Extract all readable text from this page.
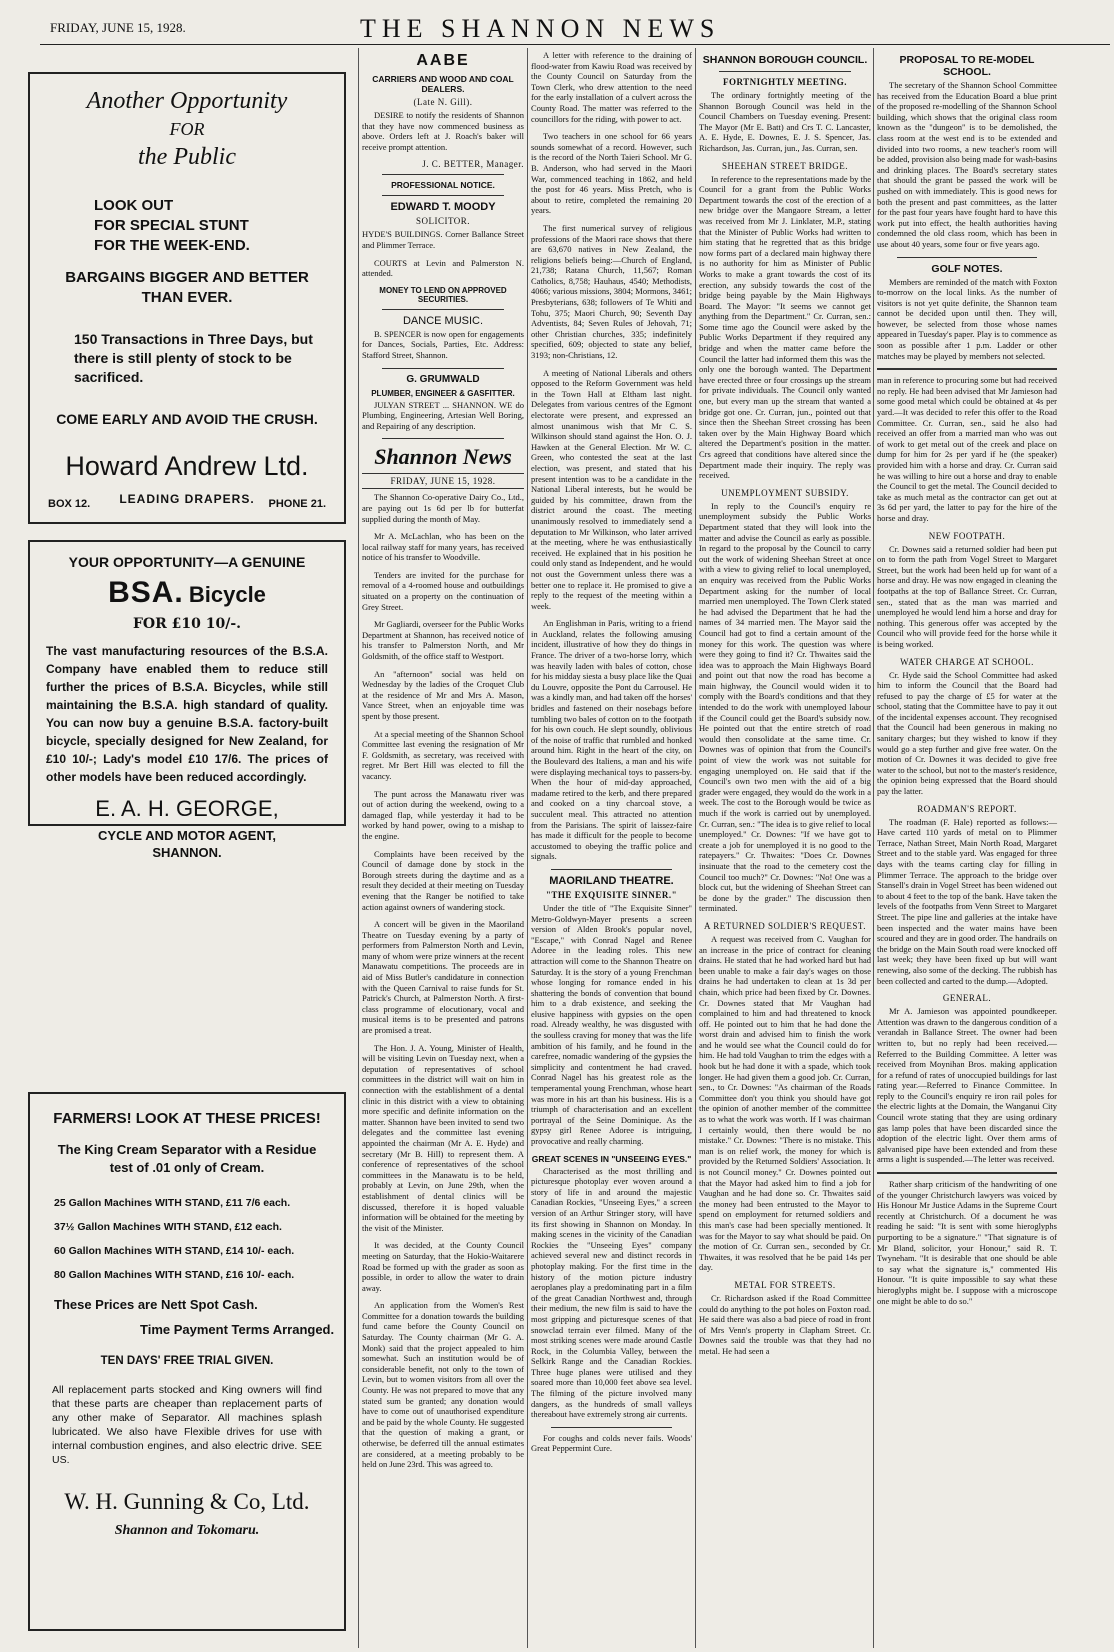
FRIDAY, JUNE 15, 1928.	THE SHANNON NEWS
Another Opportunity
FOR
the Public
LOOK OUT
FOR SPECIAL STUNT
FOR THE WEEK-END.
BARGAINS BIGGER AND BETTER THAN EVER.
150 Transactions in Three Days, but there is still plenty of stock to be sacrificed.
COME EARLY AND AVOID THE CRUSH.
Howard Andrew Ltd.
LEADING DRAPERS.
BOX 12.	PHONE 21.
YOUR OPPORTUNITY—A GENUINE
BSA. Bicycle
FOR £10 10/-.
The vast manufacturing resources of the B.S.A. Company have enabled them to reduce still further the prices of B.S.A. Bicycles, while still maintaining the B.S.A. high standard of quality. You can now buy a genuine B.S.A. factory-built bicycle, specially designed for New Zealand, for £10 10/-; Lady's model £10 17/6. The prices of other models have been reduced accordingly.
E. A. H. GEORGE,
CYCLE AND MOTOR AGENT,
SHANNON.
FARMERS! LOOK AT THESE PRICES!
The King Cream Separator with a Residue test of .01 only of Cream.
25 Gallon Machines WITH STAND, £11 7/6 each.
37½ Gallon Machines WITH STAND, £12 each.
60 Gallon Machines WITH STAND, £14 10/- each.
80 Gallon Machines WITH STAND, £16 10/- each.
These Prices are Nett Spot Cash.
Time Payment Terms Arranged.
TEN DAYS' FREE TRIAL GIVEN.
All replacement parts stocked and King owners will find that these parts are cheaper than replacement parts of any other make of Separator. All machines splash lubricated. We also have Flexible drives for use with internal combustion engines, and also electric drive. SEE US.
W. H. Gunning & Co, Ltd.
Shannon and Tokomaru.
AABE
CARRIERS AND WOOD AND COAL DEALERS.
(Late N. Gill).

DESIRE to notify the residents of Shannon that they have now commenced business as above. Orders left at J. Roach's baker will receive prompt attention.

J. C. BETTER, Manager.
PROFESSIONAL NOTICE.
EDWARD T. MOODY
SOLICITOR.

HYDE'S BUILDINGS. Corner Ballance Street and Plimmer Terrace.

COURTS at Levin and Palmerston N. attended.

MONEY TO LEND ON APPROVED SECURITIES.
DANCE MUSIC.

B. SPENCER is now open for engagements for Dances, Socials, Parties, Etc. Address: Stafford Street, Shannon.

G. GRUMWALD
PLUMBER, ENGINEER & GASFITTER.

JULYAN STREET ... SHANNON. WE do Plumbing, Engineering, Artesian Well Boring, and Repairing of any description.

Shannon News
FRIDAY, JUNE 15, 1928.

The Shannon Co-operative Dairy Co., Ltd., are paying out 1s 6d per lb for butterfat supplied during the month of May.

Mr A. McLachlan, who has been on the local railway staff for many years, has received notice of his transfer to Woodville.

Tenders are invited for the purchase for removal of a 4-roomed house and outbuildings situated on a property on the continuation of Grey Street.

Mr Gagliardi, overseer for the Public Works Department at Shannon, has received notice of his transfer to Palmerston North, and Mr Goldsmith, of the office staff to Westport.

An "afternoon" social was held on Wednesday by the ladies of the Croquet Club at the residence of Mr and Mrs A. Mason, Vance Street, when an enjoyable time was spent by those present.

At a special meeting of the Shannon School Committee last evening the resignation of Mr F. Goldsmith, as secretary, was received with regret. Mr Bert Hill was elected to fill the vacancy.

The punt across the Manawatu river was out of action during the weekend, owing to a damaged flap, while yesterday it had to be worked by hand power, owing to a mishap to the engine.

Complaints have been received by the Council of damage done by stock in the Borough streets during the daytime and as a result they decided at their meeting on Tuesday evening that the Ranger be notified to take action against owners of wandering stock.

A concert will be given in the Maoriland Theatre on Tuesday evening by a party of performers from Palmerston North and Levin, many of whom were prize winners at the recent Manawatu competitions. The proceeds are in aid of Miss Butler's candidature in connection with the Queen Carnival to raise funds for St. Patrick's Church, at Palmerston North. A first-class programme of elocutionary, vocal and musical items is to be presented and patrons are promised a treat.

The Hon. J. A. Young, Minister of Health, will be visiting Levin on Tuesday next, when a deputation of representatives of school committees in the district will wait on him in connection with the establishment of a dental clinic in this district with a view to obtaining more specific and definite information on the matter. Shannon have been invited to send two delegates and the committee last evening appointed the chairman (Mr A. E. Hyde) and secretary (Mr B. Hill) to represent them. A conference of representatives of the school committees in the Manawatu is to be held, probably at Levin, on June 29th, when the establishment of dental clinics will be discussed, therefore it is hoped valuable information will be obtained for the meeting by the visit of the Minister.

It was decided, at the County Council meeting on Saturday, that the Hokio-Waitarere Road be formed up with the grader as soon as possible, in order to allow the water to drain away.

An application from the Women's Rest Committee for a donation towards the building fund came before the County Council on Saturday. The County chairman (Mr G. A. Monk) said that the project appealed to him somewhat. Such an institution would be of considerable benefit, not only to the town of Levin, but to women visitors from all over the County. He was not prepared to move that any stated sum be granted; any donation would have to come out of unauthorised expenditure and be paid by the whole County. He suggested that the question of making a grant, or otherwise, be deferred till the annual estimates are considered, at a meeting probably to be held on June 23rd. This was agreed to.

A letter with reference to the draining of flood-water from Kawiu Road was received by the County Council on Saturday from the Town Clerk, who drew attention to the need for the early installation of a culvert across the County Road. The matter was referred to the councillors for the riding, with power to act.

Two teachers in one school for 66 years sounds somewhat of a record. However, such is the record of the North Taieri School. Mr G. B. Anderson, who had served in the Maori War, commenced teaching in 1862, and held the post for 46 years. Miss Pretch, who is about to retire, completed the remaining 20 years.

The first numerical survey of religious professions of the Maori race shows that there are 63,670 natives in New Zealand, the religions beliefs being:—Church of England, 21,738; Ratana Church, 11,567; Roman Catholics, 8,758; Hauhaus, 4540; Methodists, 4066; various missions, 3804; Mormons, 3461; Presbyterians, 638; followers of Te Whiti and Tohu, 375; Maori Church, 90; Seventh Day Adventists, 84; Seven Rules of Jehovah, 71; other Christian churches, 335; indefinitely specified, 609; objected to state any belief, 3193; non-Christians, 12.

A meeting of National Liberals and others opposed to the Reform Government was held in the Town Hall at Eltham last night. Delegates from various centres of the Egmont electorate were present, and expressed an almost unanimous wish that Mr C. S. Wilkinson should stand against the Hon. O. J. Hawken at the General Election. Mr W. C. Green, who contested the seat at the last election, was present, and stated that his present intention was to be a candidate in the National Liberal interests, but he would be guided by his committee, drawn from the district around the coast. The meeting unanimously resolved to immediately send a deputation to Mr Wilkinson, who later arrived at the meeting, where he was enthusiastically received. He explained that in his position he could only stand as Independent, and he would not oust the Government unless there was a better one to replace it. He promised to give a reply to the request of the meeting within a week.

An Englishman in Paris, writing to a friend in Auckland, relates the following amusing incident, illustrative of how they do things in France. The driver of a two-horse lorry, which was heavily laden with bales of cotton, chose for his midday siesta a busy place like the Quai du Louvre, opposite the Pont du Carrousel. He was a kindly man, and had taken off the horses' bridles and fastened on their nosebags before tumbling two bales of cotton on to the footpath for his own couch. He slept soundly, oblivious of the noise of traffic that rumbled and honked around him. Right in the heart of the city, on the Boulevard des Italiens, a man and his wife were displaying mechanical toys to passers-by. When the hour of mid-day approached, madame retired to the kerb, and there prepared and cooked on a tiny charcoal stove, a succulent meal. This attracted no attention from the Parisians. The spirit of laissez-faire has made it difficult for the people to become accustomed to obeying the traffic police and signals.

MAORILAND THEATRE.
"THE EXQUISITE SINNER."

Under the title of "The Exquisite Sinner" Metro-Goldwyn-Mayer presents a screen version of Alden Brook's popular novel, "Escape," with Conrad Nagel and Renee Adoree in the leading roles. This new attraction will come to the Shannon Theatre on Saturday. It is the story of a young Frenchman whose longing for romance ended in his shattering the bonds of convention that bound him to a drab existence, and seeking the elusive happiness with gypsies on the open road. Already wealthy, he was disgusted with the soulless craving for money that was the life ambition of his family, and he found in the carefree, nomadic wandering of the gypsies the simplicity and contentment he had craved. Conrad Nagel has his greatest role as the temperamental young Frenchman, whose heart was more in his art than his business. His is a triumph of characterisation and an excellent portrayal of the Seine Dominique. As the gypsy girl Renee Adoree is intriguing, provocative and really charming.

GREAT SCENES IN "UNSEEING EYES."

Characterised as the most thrilling and picturesque photoplay ever woven around a story of life in and around the majestic Canadian Rockies, "Unseeing Eyes," a screen version of an Arthur Stringer story, will have its first showing in Shannon on Monday. In making scenes in the vicinity of the Canadian Rockies the "Unseeing Eyes" company achieved several new and distinct records in photoplay making. For the first time in the history of the motion picture industry aeroplanes play a predominating part in a film of the great Canadian Northwest and, through their medium, the new film is said to have the most gripping and picturesque scenes of that snowclad terrain ever filmed. Many of the most striking scenes were made around Castle Rock, in the Columbia Valley, between the Selkirk Range and the Canadian Rockies. Three huge planes were utilised and they soared more than 10,000 feet above sea level. The filming of the picture involved many dangers, as the hundreds of small valleys thereabout have extremely strong air currents.

For coughs and colds never fails. Woods' Great Peppermint Cure.

SHANNON BOROUGH COUNCIL.
FORTNIGHTLY MEETING.

The ordinary fortnightly meeting of the Shannon Borough Council was held in the Council Chambers on Tuesday evening. Present: The Mayor (Mr E. Batt) and Crs T. C. Lancaster, A. E. Hyde, E. Downes, E. J. S. Spencer, Jas. Richardson, Jas. Curran, jun., Jas. Curran, sen.

SHEEHAN STREET BRIDGE.

In reference to the representations made by the Council for a grant from the Public Works Department towards the cost of the erection of a new bridge over the Mangaore Stream, a letter was received from Mr J. Linklater, M.P., stating that the Minister of Public Works had written to him stating that he regretted that as this bridge now forms part of a declared main highway there is no authority for him as Minister of Public Works to make a grant towards the cost of its erection, any subsidy towards the cost of the bridge being payable by the Main Highways Board. The Mayor: "It seems we cannot get anything from the Department." Cr. Curran, sen.: Some time ago the Council were asked by the Public Works Department if they required any bridge and when the matter came before the Council the latter had informed them this was the only one the borough wanted. The Department have erected three or four crossings up the stream for private individuals. The Council only wanted one, but every man up the stream that wanted a bridge got one. Cr. Curran, jun., pointed out that since then the Sheehan Street crossing has been taken over by the Main Highway Board which altered the Department's position in the matter. Crs agreed that conditions have altered since the Department made their inquiry. The reply was received.

UNEMPLOYMENT SUBSIDY.

In reply to the Council's enquiry re unemployment subsidy the Public Works Department stated that they will look into the matter and advise the Council as early as possible. In regard to the proposal by the Council to carry out the work of widening Sheehan Street at once with a view to giving relief to local unemployed, an enquiry was received from the Public Works Department asking for the number of local married men unemployed. The Town Clerk stated he had advised the Department that he had the names of 34 married men. The Mayor said the Council had got to find a certain amount of the money for this work. The question was where were they going to find it? Cr. Thwaites said the idea was to approach the Main Highways Board and point out that now the road has become a main highway, the Council would widen it to comply with the Board's conditions and that they intended to do the work with unemployed labour if the Council could get the Board's subsidy now. He pointed out that the entire stretch of road would then consolidate at the same time. Cr. Downes was of opinion that from the Council's point of view the work was not suitable for engaging unemployed on. He said that if the Council's own two men with the aid of a big grader were engaged, they would do the work in a week. The cost to the Borough would be twice as much if the work is carried out by unemployed. Cr. Curran, sen.: "The idea is to give relief to local unemployed." Cr. Downes: "If we have got to create a job for unemployed it is no good to the ratepayers." Cr. Thwaites: "Does Cr. Downes insinuate that the road to the cemetery cost the Council too much?" Cr. Downes: "No! One was a block cut, but the widening of Sheehan Street can be done by the grader." The discussion then terminated.

A RETURNED SOLDIER'S REQUEST.

A request was received from C. Vaughan for an increase in the price of contract for cleaning drains. He stated that he had worked hard but had been unable to make a fair day's wages on those drains he had undertaken to clean at 1s 3d per chain, which price had been fixed by Cr. Downes. Cr. Downes stated that Mr Vaughan had complained to him and had threatened to knock off. He pointed out to him that he had done the worst drain and advised him to finish the work and he would see what the Council could do for him. He had told Vaughan to trim the edges with a hook but he had done it with a spade, which took longer. He had given them a good job. Cr. Curran, sen., to Cr. Downes: "As chairman of the Roads Committee don't you think you should have got the opinion of another member of the committee as to what the work was worth. If I was chairman I certainly would, then there would be no mistake." Cr. Downes: "There is no mistake. This man is on relief work, the money for which is provided by the Returned Soldiers' Association. It is not Council money." Cr. Downes pointed out that the Mayor had asked him to find a job for Vaughan and he had done so. Cr. Thwaites said the money had been entrusted to the Mayor to spend on employment for returned soldiers and this man's case had been specially mentioned. It was for the Mayor to say what should be paid. On the motion of Cr. Curran sen., seconded by Cr. Thwaites, it was resolved that he be paid 14s per day.

METAL FOR STREETS.

Cr. Richardson asked if the Road Committee could do anything to the pot holes on Foxton road. He said there was also a bad piece of road in front of Mrs Venn's property in Clapham Street. Cr. Downes said the trouble was that they had no metal. He had seen a

PROPOSAL TO RE-MODEL SCHOOL.

The secretary of the Shannon School Committee has received from the Education Board a blue print of the proposed re-modelling of the Shannon School building, which shows that the original class room known as the "dungeon" is to be demolished, the class room at the west end is to be extended and divided into two rooms, a new teacher's room will be added, provision also being made for wash-basins and drinking places. The Board's secretary states that should the grant be passed the work will be pushed on with immediately. This is good news for both the present and past committees, as the latter for the past four years have fought hard to have this work put into effect, the health authorities having condemned the old class room, which has been in use about 40 years, some four or five years ago.

GOLF NOTES.

Members are reminded of the match with Foxton to-morrow on the local links. As the number of visitors is not yet quite definite, the Shannon team cannot be decided upon until then. They will, however, be selected from those whose names appeared in Tuesday's paper. Play is to commence as soon as possible after 1 p.m. Ladder or other matches may be played by members not selected.

man in reference to procuring some but had received no reply. He had been advised that Mr Jamieson had some good metal which could be obtained at 4s per yard.—It was decided to refer this offer to the Road Committee. Cr. Curran, sen., said he also had received an offer from a married man who was out of work to get metal out of the creek and place on dump for him for 2s per yard if he (the speaker) provided him with a horse and dray. Cr. Curran said he was willing to hire out a horse and dray to enable the Council to get the metal. The Council decided to take as much metal as the contractor can get out at 3s 6d per yard, the latter to pay for the hire of the horse and dray.

NEW FOOTPATH.

Cr. Downes said a returned soldier had been put on to form the path from Vogel Street to Margaret Street, but the work had been held up for want of a horse and dray. He was now engaged in cleaning the footpaths at the top of Ballance Street. Cr. Curran, sen., stated that as the man was married and unemployed he would lend him a horse and dray for nothing. This generous offer was accepted by the Council who will provide feed for the horse while it is being worked.

WATER CHARGE AT SCHOOL.

Cr. Hyde said the School Committee had asked him to inform the Council that the Board had refused to pay the charge of £5 for water at the school, stating that the Committee have to pay it out of the incidental expenses account. They recognised that the Council had been generous in making no sanitary charges; but they wished to know if they would go a step further and give free water. On the motion of Cr. Downes it was decided to give free water to the school, but not to the master's residence, the opinion being expressed that the Board should pay the latter.

ROADMAN'S REPORT.

The roadman (F. Hale) reported as follows:—Have carted 110 yards of metal on to Plimmer Terrace, Nathan Street, Main North Road, Margaret Street and to the stable yard. Was engaged for three days with the teams carting clay for filling in Plimmer Terrace. The approach to the bridge over Stansell's drain in Vogel Street has been widened out to about 4 feet to the top of the bank. Have taken the levels of the footpaths from Venn Street to Margaret Street. The pipe line and galleries at the intake have been inspected and the water mains have been scoured and they are in good order. The handrails on the bridge on the Main South road were knocked off last week; they have been fixed up but will want renewing, also some of the decking. The rubbish has been collected and carted to the dump.—Adopted.

GENERAL.

Mr A. Jamieson was appointed poundkeeper. Attention was drawn to the dangerous condition of a verandah in Ballance Street. The owner had been written to, but no reply had been received.—Referred to the Building Committee. A letter was received from Moynihan Bros. making application for a refund of rates of unoccupied buildings for last rating year.—Referred to Finance Committee. In reply to the Council's enquiry re iron rail poles for the electric lights at the Domain, the Wanganui City Council wrote stating that they are using ordinary gas lamp poles that have been discarded since the adoption of the electric light. Over them arms of galvanised pipe have been extended and from these arms a light is suspended.—The letter was received.

Rather sharp criticism of the handwriting of one of the younger Christchurch lawyers was voiced by His Honour Mr Justice Adams in the Supreme Court recently at Christchurch. Of a document he was reading he said: "It is sent with some hieroglyphs purporting to be a signature." "That signature is of Mr Bland, solicitor, your Honour," said R. T. Twyneham. "It is desirable that one should be able to say what the signature is," commented His Honour. "It is quite impossible to say what these hieroglyphs might be. I suppose with a microscope one might be able to do so."
